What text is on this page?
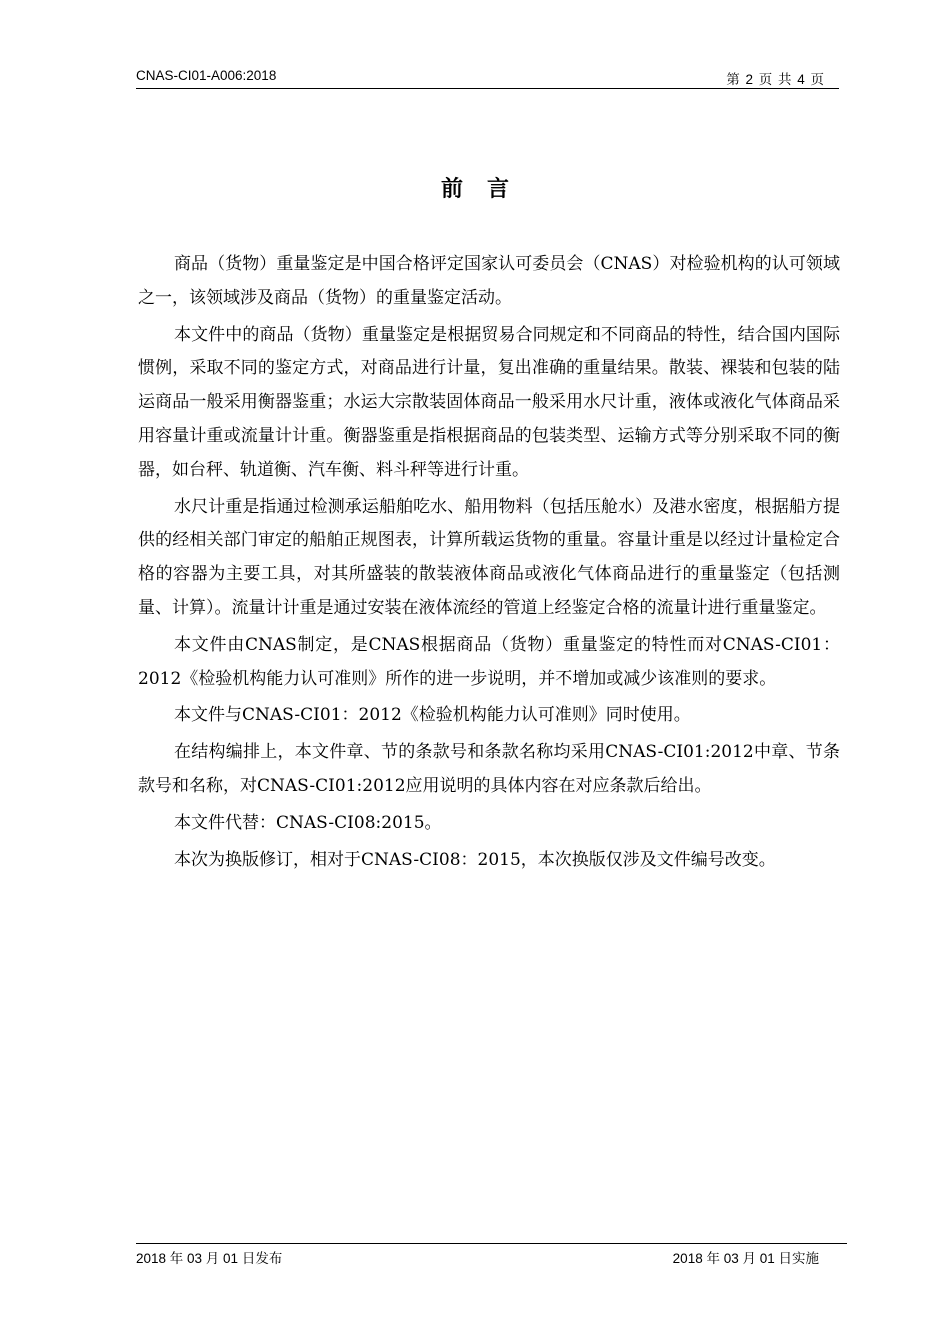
CNAS-CI01-A006:2018	第 2 页 共 4 页
前言

商品（货物）重量鉴定是中国合格评定国家认可委员会（CNAS）对检验机构的认可领域之一，该领域涉及商品（货物）的重量鉴定活动。

本文件中的商品（货物）重量鉴定是根据贸易合同规定和不同商品的特性，结合国内国际惯例，采取不同的鉴定方式，对商品进行计量，复出准确的重量结果。散装、裸装和包装的陆运商品一般采用衡器鉴重；水运大宗散装固体商品一般采用水尺计重，液体或液化气体商品采用容量计重或流量计计重。衡器鉴重是指根据商品的包装类型、运输方式等分别采取不同的衡器，如台秤、轨道衡、汽车衡、料斗秤等进行计重。

水尺计重是指通过检测承运船舶吃水、船用物料（包括压舱水）及港水密度，根据船方提供的经相关部门审定的船舶正规图表，计算所载运货物的重量。容量计重是以经过计量检定合格的容器为主要工具，对其所盛装的散装液体商品或液化气体商品进行的重量鉴定（包括测量、计算）。流量计计重是通过安装在液体流经的管道上经鉴定合格的流量计进行重量鉴定。

本文件由CNAS制定，是CNAS根据商品（货物）重量鉴定的特性而对CNAS-CI01：2012《检验机构能力认可准则》所作的进一步说明，并不增加或减少该准则的要求。

本文件与CNAS-CI01：2012《检验机构能力认可准则》同时使用。

在结构编排上，本文件章、节的条款号和条款名称均采用CNAS-CI01:2012中章、节条款号和名称，对CNAS-CI01:2012应用说明的具体内容在对应条款后给出。

本文件代替：CNAS-CI08:2015。

本次为换版修订，相对于CNAS-CI08：2015，本次换版仅涉及文件编号改变。

2018 年 03 月 01 日发布	2018 年 03 月 01 日实施
